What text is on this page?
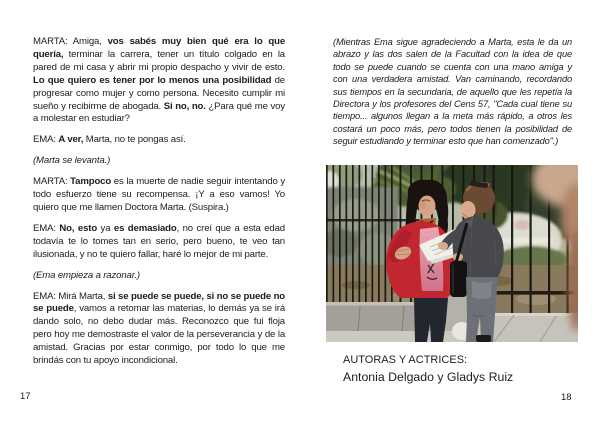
MARTA: Amiga, vos sabés muy bien qué era lo que quería, terminar la carrera, tener un título colgado en la pared de mi casa y abrir mi propio despacho y vivir de esto. Lo que quiero es tener por lo menos una posibilidad de progresar como mujer y como persona. Necesito cumplir mi sueño y recibirme de abogada. Si no, no. ¿Para qué me voy a molestar en estudiar?

EMA: A ver, Marta, no te pongas así.

(Marta se levanta.)

MARTA: Tampoco es la muerte de nadie seguir intentando y todo esfuerzo tiene su recompensa. ¡Y a eso vamos! Yo quiero que me llamen Doctora Marta. (Suspira.)

EMA: No, esto ya es demasiado, no creí que a esta edad todavía te lo tomes tan en serio, pero bueno, te veo tan ilusionada, y no te quiero fallar, haré lo mejor de mi parte.

(Ema empieza a razonar.)

EMA: Mirá Marta, si se puede se puede, si no se puede no se puede, vamos a retomar las materias, lo demás ya se irá dando solo, no debo dudar más. Reconozco que fui floja pero hoy me demostraste el valor de la perseverancia y de la amistad. Gracias por estar conmigo, por todo lo que me brindás con tu apoyo incondicional.

(Mientras Ema sigue agradeciendo a Marta, esta le da un abrazo y las dos salen de la Facultad con la idea de que todo se puede cuando se cuenta con una mano amiga y con una verdadera amistad. Van caminando, recordando sus tiempos en la secundaria, de aquello que les repetía la Directora y los profesores del Cens 57, "Cada cual tiene su tiempo... algunos llegan a la meta más rápido, a otros les costará un poco más, pero todos tienen la posibilidad de seguir estudiando y terminar esto que han comenzado".)

AUTORAS Y ACTRICES:
Antonia Delgado y Gladys Ruiz
17	18
